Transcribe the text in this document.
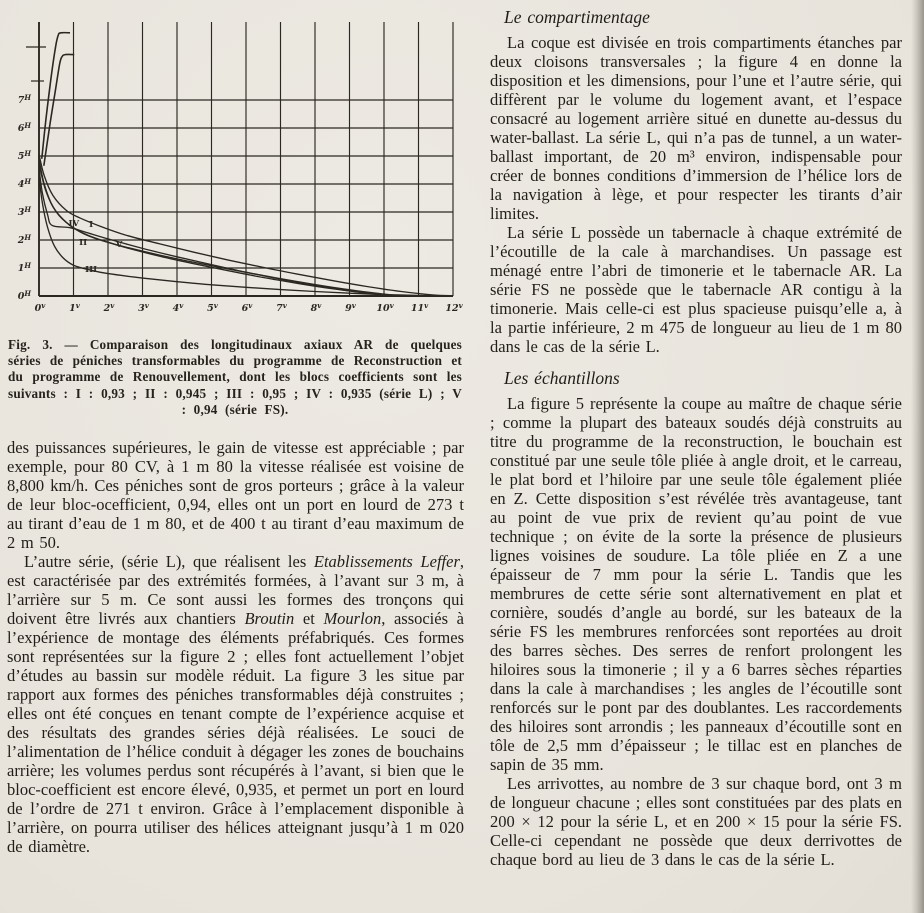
0$^v$	1$^v$	2$^v$	3$^v$	4$^v$	5$^v$	6$^v$	7$^v$	8$^v$	9$^v$ 10$^v$ 11$^v$ 12$^v$
$0^H$
$1^H$
$2^H$
$3^H$
$4^H$
$5^H$
$6^H$
$7^H$
IV I
II	V
III
Fig. 3. — Comparaison des longitudinaux axiaux AR de quelques séries de péniches transformables du programme de Reconstruction et du programme de Renouvellement, dont les blocs coefficients sont les suivants : I : 0,93 ; II : 0,945 ; III : 0,95 ; IV : 0,935 (série L) ; V : 0,94 (série FS).

des puissances supérieures, le gain de vitesse est appréciable ; par exemple, pour 80 CV, à 1 m 80 la vitesse réalisée est voisine de 8,800 km/h. Ces péniches sont de gros porteurs ; grâce à la valeur de leur bloc-ocefficient, 0,94, elles ont un port en lourd de 273 t au tirant d’eau de 1 m 80, et de 400 t au tirant d’eau maximum de 2 m 50.

L’autre série, (série L), que réalisent les Etablissements Leffer, est caractérisée par des extrémités formées, à l’avant sur 3 m, à l’arrière sur 5 m. Ce sont aussi les formes des tronçons qui doivent être livrés aux chantiers Broutin et Mourlon, associés à l’expérience de montage des éléments préfabriqués. Ces formes sont représentées sur la figure 2 ; elles font actuellement l’objet d’études au bassin sur modèle réduit. La figure 3 les situe par rapport aux formes des péniches transformables déjà construites ; elles ont été conçues en tenant compte de l’expérience acquise et des résultats des grandes séries déjà réalisées. Le souci de l’alimentation de l’hélice conduit à dégager les zones de bouchains arrière; les volumes perdus sont récupérés à l’avant, si bien que le bloc-coefficient est encore élevé, 0,935, et permet un port en lourd de l’ordre de 271 t environ. Grâce à l’emplacement disponible à l’arrière, on pourra utiliser des hélices atteignant jusqu’à 1 m 020 de diamètre.

Le compartimentage

La coque est divisée en trois compartiments étanches par deux cloisons transversales ; la figure 4 en donne la disposition et les dimensions, pour l’une et l’autre série, qui diffèrent par le volume du logement avant, et l’espace consacré au logement arrière situé en dunette au-dessus du water-ballast. La série L, qui n’a pas de tunnel, a un water-ballast important, de 20 m³ environ, indispensable pour créer de bonnes conditions d’immersion de l’hélice lors de la navigation à lège, et pour respecter les tirants d’air limites.

La série L possède un tabernacle à chaque extrémité de l’écoutille de la cale à marchandises. Un passage est ménagé entre l’abri de timonerie et le tabernacle AR. La série FS ne possède que le tabernacle AR contigu à la timonerie. Mais celle-ci est plus spacieuse puisqu’elle a, à la partie inférieure, 2 m 475 de longueur au lieu de 1 m 80 dans le cas de la série L.

Les échantillons

La figure 5 représente la coupe au maître de chaque série ; comme la plupart des bateaux soudés déjà construits au titre du programme de la reconstruction, le bouchain est constitué par une seule tôle pliée à angle droit, et le carreau, le plat bord et l’hiloire par une seule tôle également pliée en Z. Cette disposition s’est révélée très avantageuse, tant au point de vue prix de revient qu’au point de vue technique ; on évite de la sorte la présence de plusieurs lignes voisines de soudure. La tôle pliée en Z a une épaisseur de 7 mm pour la série L. Tandis que les membrures de cette série sont alternativement en plat et cornière, soudés d’angle au bordé, sur les bateaux de la série FS les membrures renforcées sont reportées au droit des barres sèches. Des serres de renfort prolongent les hiloires sous la timonerie ; il y a 6 barres sèches réparties dans la cale à marchandises ; les angles de l’écoutille sont renforcés sur le pont par des doublantes. Les raccordements des hiloires sont arrondis ; les panneaux d’écoutille sont en tôle de 2,5 mm d’épaisseur ; le tillac est en planches de sapin de 35 mm.

Les arrivottes, au nombre de 3 sur chaque bord, ont 3 m de longueur chacune ; elles sont constituées par des plats en 200 × 12 pour la série L, et en 200 × 15 pour la série FS. Celle-ci cependant ne possède que deux derrivottes de chaque bord au lieu de 3 dans le cas de la série L.
